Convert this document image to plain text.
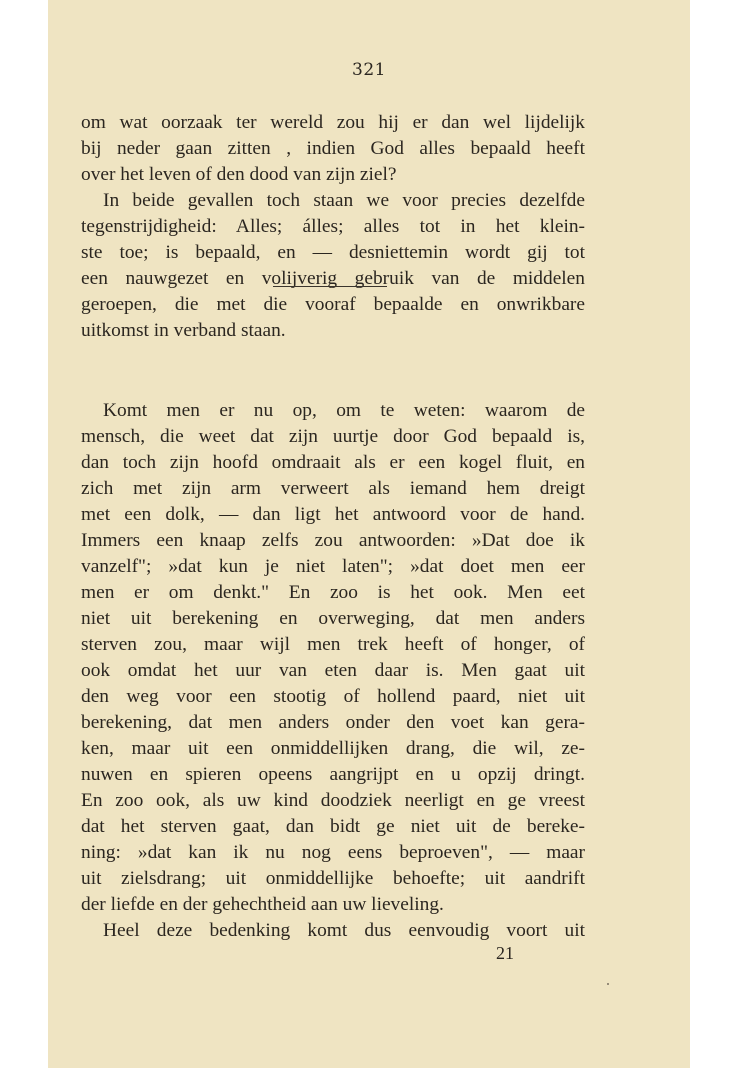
321
om wat oorzaak ter wereld zou hij er dan wel lijdelijk
bij neder gaan zitten , indien God alles bepaald heeft
over het leven of den dood van zijn ziel?
In beide gevallen toch staan we voor precies dezelfde
tegenstrijdigheid: Alles; álles; alles tot in het klein-
ste toe; is bepaald, en — desniettemin wordt gij tot
een nauwgezet en volijverig gebruik van de middelen
geroepen, die met die vooraf bepaalde en onwrikbare
uitkomst in verband staan.
Komt men er nu op, om te weten: waarom de
mensch, die weet dat zijn uurtje door God bepaald is,
dan toch zijn hoofd omdraait als er een kogel fluit, en
zich met zijn arm verweert als iemand hem dreigt
met een dolk, — dan ligt het antwoord voor de hand.
Immers een knaap zelfs zou antwoorden: »Dat doe ik
vanzelf"; »dat kun je niet laten"; »dat doet men eer
men er om denkt." En zoo is het ook. Men eet
niet uit berekening en overweging, dat men anders
sterven zou, maar wijl men trek heeft of honger, of
ook omdat het uur van eten daar is. Men gaat uit
den weg voor een stootig of hollend paard, niet uit
berekening, dat men anders onder den voet kan gera-
ken, maar uit een onmiddellijken drang, die wil, ze-
nuwen en spieren opeens aangrijpt en u opzij dringt.
En zoo ook, als uw kind doodziek neerligt en ge vreest
dat het sterven gaat, dan bidt ge niet uit de bereke-
ning: »dat kan ik nu nog eens beproeven", — maar
uit zielsdrang; uit onmiddellijke behoefte; uit aandrift
der liefde en der gehechtheid aan uw lieveling.
Heel deze bedenking komt dus eenvoudig voort uit
21
